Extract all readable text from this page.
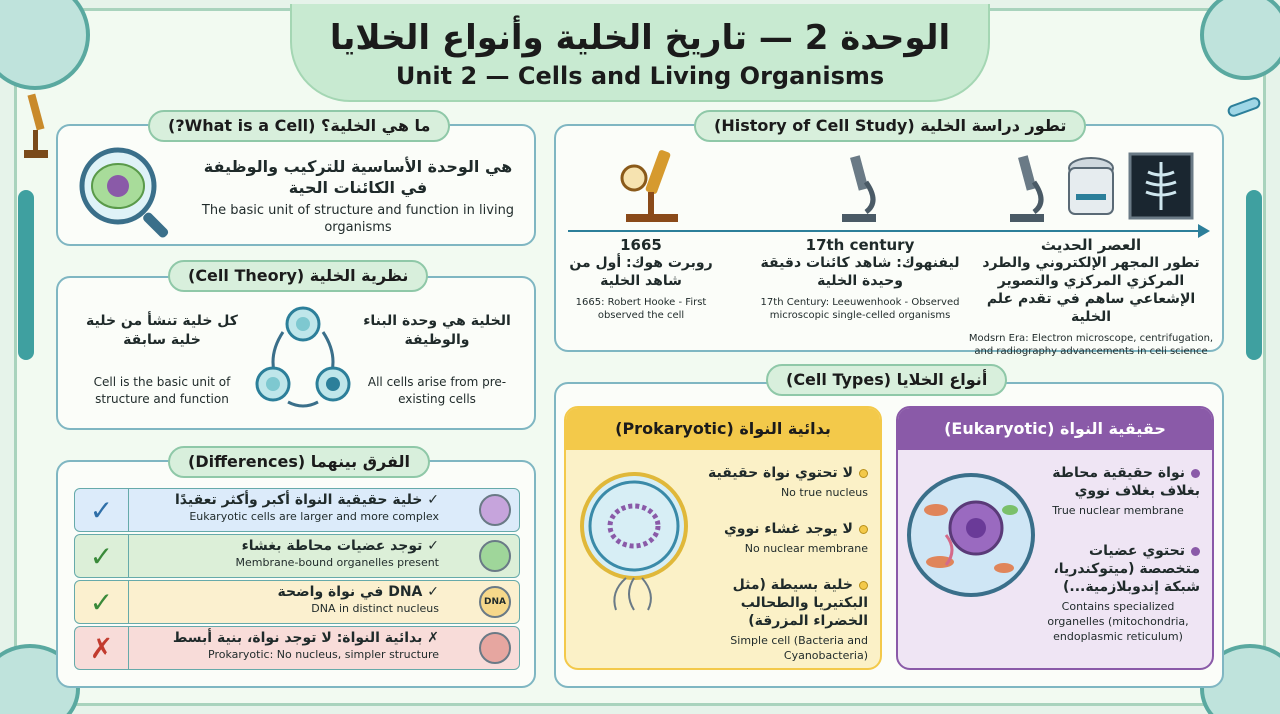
الوحدة 2 — تاريخ الخلية وأنواع الخلايا
Unit 2 — Cells and Living Organisms
هي الوحدة الأساسية للتركيب والوظيفة في الكائنات الحية
The basic unit of structure and function in living organisms
ما هي الخلية؟ (What is a Cell?)
كل خلية تنشأ من خلية خلية سابقة
Cell is the basic unit of structure and function
الخلية هي وحدة البناء والوظيفة
All cells arise from pre-existing cells
نظرية الخلية (Cell Theory)
الفرق بينهما (Differences)
✓	✓ خلية حقيقية النواة أكبر وأكثر تعقيدًا
Eukaryotic cells are larger and more complex
✓	✓ توجد عضيات محاطة بغشاء
Membrane-bound organelles present
✓	✓ DNA في نواة واضحة
DNA in distinct nucleus	DNA
✗	✗ بدائية النواة: لا توجد نواة، بنية أبسط
Prokaryotic: No nucleus, simpler structure
تطور دراسة الخلية (History of Cell Study)
1665
روبرت هوك: أول من شاهد الخلية
1665: Robert Hooke - First observed the cell
17th century
ليفنهوك: شاهد كائنات دقيقة وحيدة الخلية
17th Century: Leeuwenhook - Observed microscopic single-celled organisms
العصر الحديث
تطور المجهر الإلكتروني والطرد المركزي المركزي والتصوير الإشعاعي ساهم في تقدم علم الخلية
Modsrn Era: Electron microscope, centrifugation, and radiography advancements in celi science
أنواع الخلايا (Cell Types)
بدائية النواة (Prokaryotic)
لا تحتوي نواة حقيقية
No true nucleus
لا يوجد غشاء نووي
No nuclear membrane
خلية بسيطة (مثل البكتيريا والطحالب الخضراء المزرقة)
Simple cell (Bacteria and Cyanobacteria)
حقيقية النواة (Eukaryotic)
نواة حقيقية محاطة بغلاف بغلاف نووي
True nuclear membrane
تحتوي عضيات متخصصة (ميتوكندريا، شبكة إندوبلازمية...)
Contains specialized organelles (mitochondria, endoplasmic reticulum)
